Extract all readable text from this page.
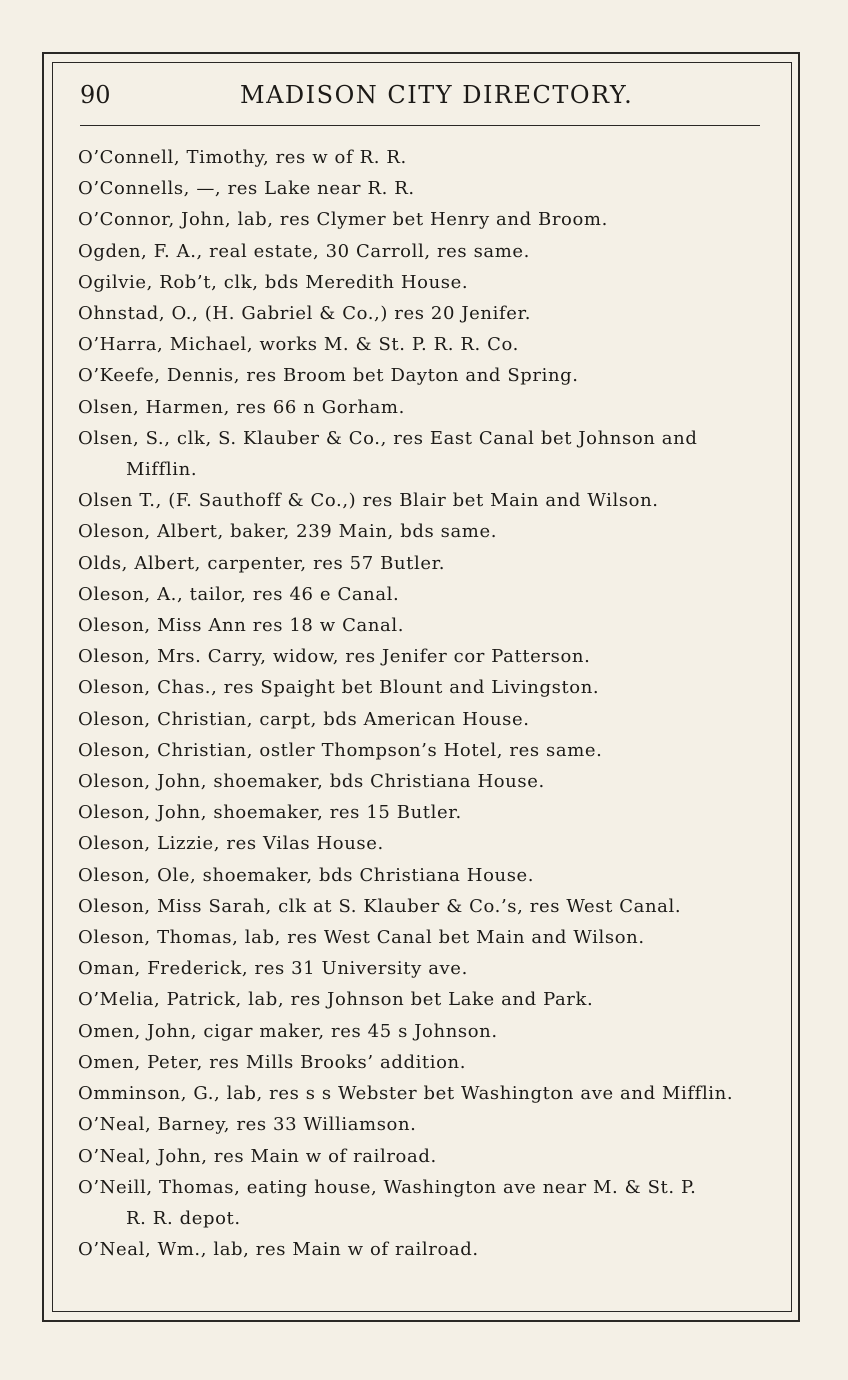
90	MADISON CITY DIRECTORY.
O’Connell, Timothy, res w of R. R.
O’Connells, —, res Lake near R. R.
O’Connor, John, lab, res Clymer bet Henry and Broom.
Ogden, F. A., real estate, 30 Carroll, res same.
Ogilvie, Rob’t, clk, bds Meredith House.
Ohnstad, O., (H. Gabriel & Co.,) res 20 Jenifer.
O’Harra, Michael, works M. & St. P. R. R. Co.
O’Keefe, Dennis, res Broom bet Dayton and Spring.
Olsen, Harmen, res 66 n Gorham.
Olsen, S., clk, S. Klauber & Co., res East Canal bet Johnson and
Mifflin.
Olsen T., (F. Sauthoff & Co.,) res Blair bet Main and Wilson.
Oleson, Albert, baker, 239 Main, bds same.
Olds, Albert, carpenter, res 57 Butler.
Oleson, A., tailor, res 46 e Canal.
Oleson, Miss Ann res 18 w Canal.
Oleson, Mrs. Carry, widow, res Jenifer cor Patterson.
Oleson, Chas., res Spaight bet Blount and Livingston.
Oleson, Christian, carpt, bds American House.
Oleson, Christian, ostler Thompson’s Hotel, res same.
Oleson, John, shoemaker, bds Christiana House.
Oleson, John, shoemaker, res 15 Butler.
Oleson, Lizzie, res Vilas House.
Oleson, Ole, shoemaker, bds Christiana House.
Oleson, Miss Sarah, clk at S. Klauber & Co.’s, res West Canal.
Oleson, Thomas, lab, res West Canal bet Main and Wilson.
Oman, Frederick, res 31 University ave.
O’Melia, Patrick, lab, res Johnson bet Lake and Park.
Omen, John, cigar maker, res 45 s Johnson.
Omen, Peter, res Mills Brooks’ addition.
Omminson, G., lab, res s s Webster bet Washington ave and Mifflin.
O’Neal, Barney, res 33 Williamson.
O’Neal, John, res Main w of railroad.
O’Neill, Thomas, eating house, Washington ave near M. & St. P.
R. R. depot.
O’Neal, Wm., lab, res Main w of railroad.
